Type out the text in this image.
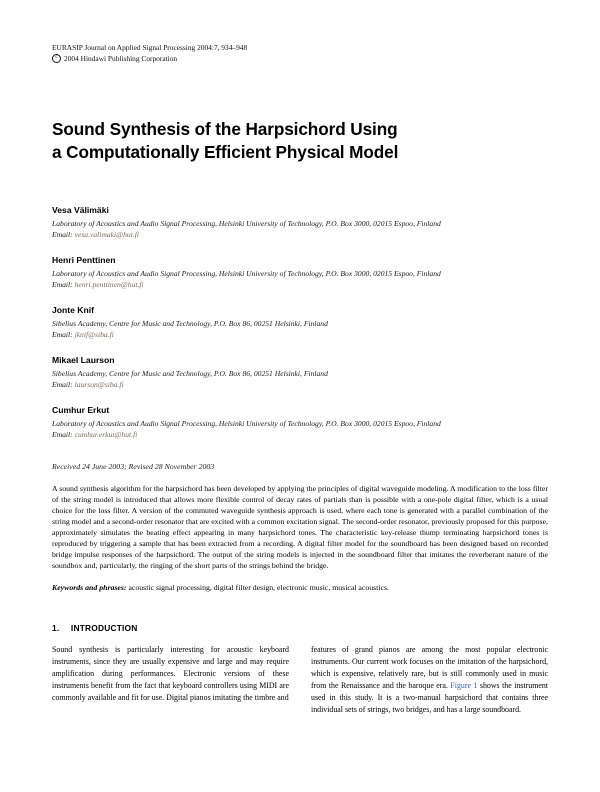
EURASIP Journal on Applied Signal Processing 2004:7, 934–948
c 2004 Hindawi Publishing Corporation
Sound Synthesis of the Harpsichord Using
a Computationally Efficient Physical Model
Vesa Välimäki
Laboratory of Acoustics and Audio Signal Processing, Helsinki University of Technology, P.O. Box 3000, 02015 Espoo, Finland
Email: vesa.valimaki@hut.fi
Henri Penttinen
Laboratory of Acoustics and Audio Signal Processing, Helsinki University of Technology, P.O. Box 3000, 02015 Espoo, Finland
Email: henri.penttinen@hut.fi
Jonte Knif
Sibelius Academy, Centre for Music and Technology, P.O. Box 86, 00251 Helsinki, Finland
Email: jknif@siba.fi
Mikael Laurson
Sibelius Academy, Centre for Music and Technology, P.O. Box 86, 00251 Helsinki, Finland
Email: laurson@siba.fi
Cumhur Erkut
Laboratory of Acoustics and Audio Signal Processing, Helsinki University of Technology, P.O. Box 3000, 02015 Espoo, Finland
Email: cumhur.erkut@hut.fi
Received 24 June 2003; Revised 28 November 2003
A sound synthesis algorithm for the harpsichord has been developed by applying the principles of digital waveguide modeling. A modification to the loss filter of the string model is introduced that allows more flexible control of decay rates of partials than is possible with a one-pole digital filter, which is a usual choice for the loss filter. A version of the commuted waveguide synthesis approach is used, where each tone is generated with a parallel combination of the string model and a second-order resonator that are excited with a common excitation signal. The second-order resonator, previously proposed for this purpose, approximately simulates the beating effect appearing in many harpsichord tones. The characteristic key-release thump terminating harpsichord tones is reproduced by triggering a sample that has been extracted from a recording. A digital filter model for the soundboard has been designed based on recorded bridge impulse responses of the harpsichord. The output of the string models is injected in the soundboard filter that imitates the reverberant nature of the soundbox and, particularly, the ringing of the short parts of the strings behind the bridge.
Keywords and phrases: acoustic signal processing, digital filter design, electronic music, musical acoustics.
1. INTRODUCTION

Sound synthesis is particularly interesting for acoustic keyboard instruments, since they are usually expensive and large and may require amplification during performances. Electronic versions of these instruments benefit from the fact that keyboard controllers using MIDI are commonly available and fit for use. Digital pianos imitating the timbre and

features of grand pianos are among the most popular electronic instruments. Our current work focuses on the imitation of the harpsichord, which is expensive, relatively rare, but is still commonly used in music from the Renaissance and the baroque era. Figure 1 shows the instrument used in this study. It is a two-manual harpsichord that contains three individual sets of strings, two bridges, and has a large soundboard.
